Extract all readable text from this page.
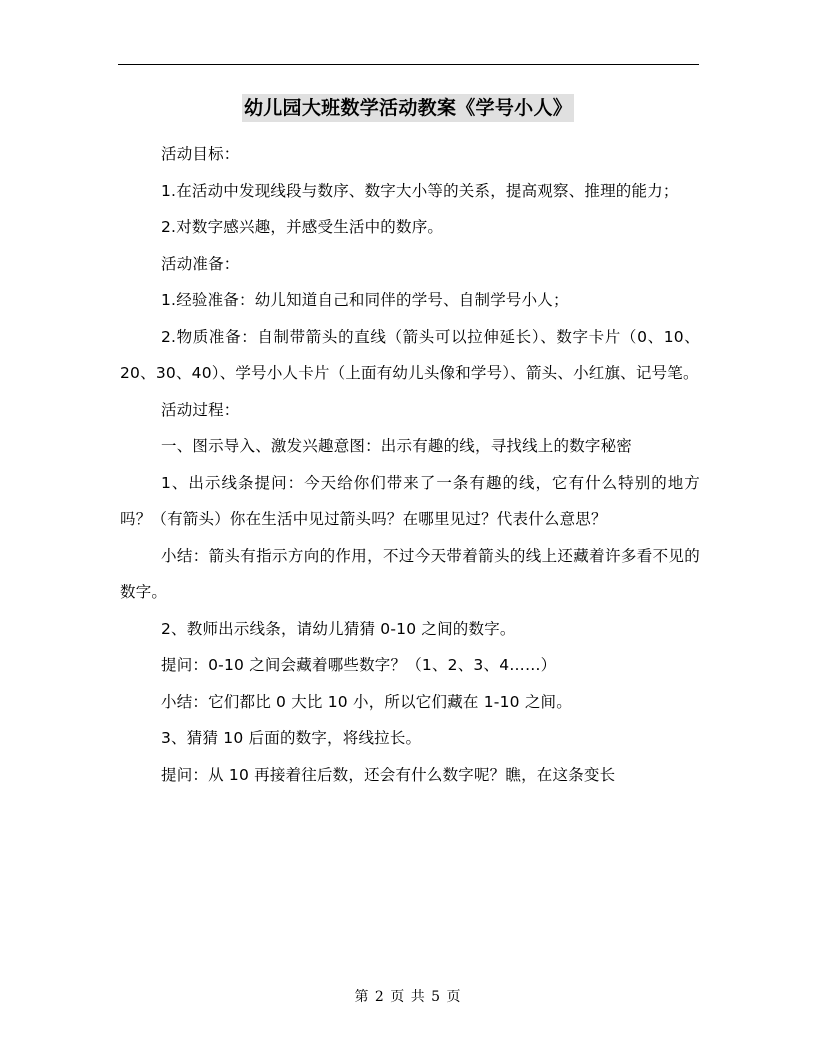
幼儿园大班数学活动教案《学号小人》

活动目标：

1.在活动中发现线段与数序、数字大小等的关系，提高观察、推理的能力；

2.对数字感兴趣，并感受生活中的数序。

活动准备：

1.经验准备：幼儿知道自己和同伴的学号、自制学号小人；

2.物质准备：自制带箭头的直线（箭头可以拉伸延长）、数字卡片（0、10、20、30、40）、学号小人卡片（上面有幼儿头像和学号）、箭头、小红旗、记号笔。

活动过程：

一、图示导入、激发兴趣意图：出示有趣的线，寻找线上的数字秘密

1、出示线条提问：今天给你们带来了一条有趣的线，它有什么特别的地方吗？（有箭头）你在生活中见过箭头吗？在哪里见过？代表什么意思？

小结：箭头有指示方向的作用，不过今天带着箭头的线上还藏着许多看不见的数字。

2、教师出示线条，请幼儿猜猜 0-10 之间的数字。

提问：0-10 之间会藏着哪些数字？（1、2、3、4……）

小结：它们都比 0 大比 10 小，所以它们藏在 1-10 之间。

3、猜猜 10 后面的数字，将线拉长。

提问：从 10 再接着往后数，还会有什么数字呢？瞧，在这条变长

第 2 页 共 5 页
